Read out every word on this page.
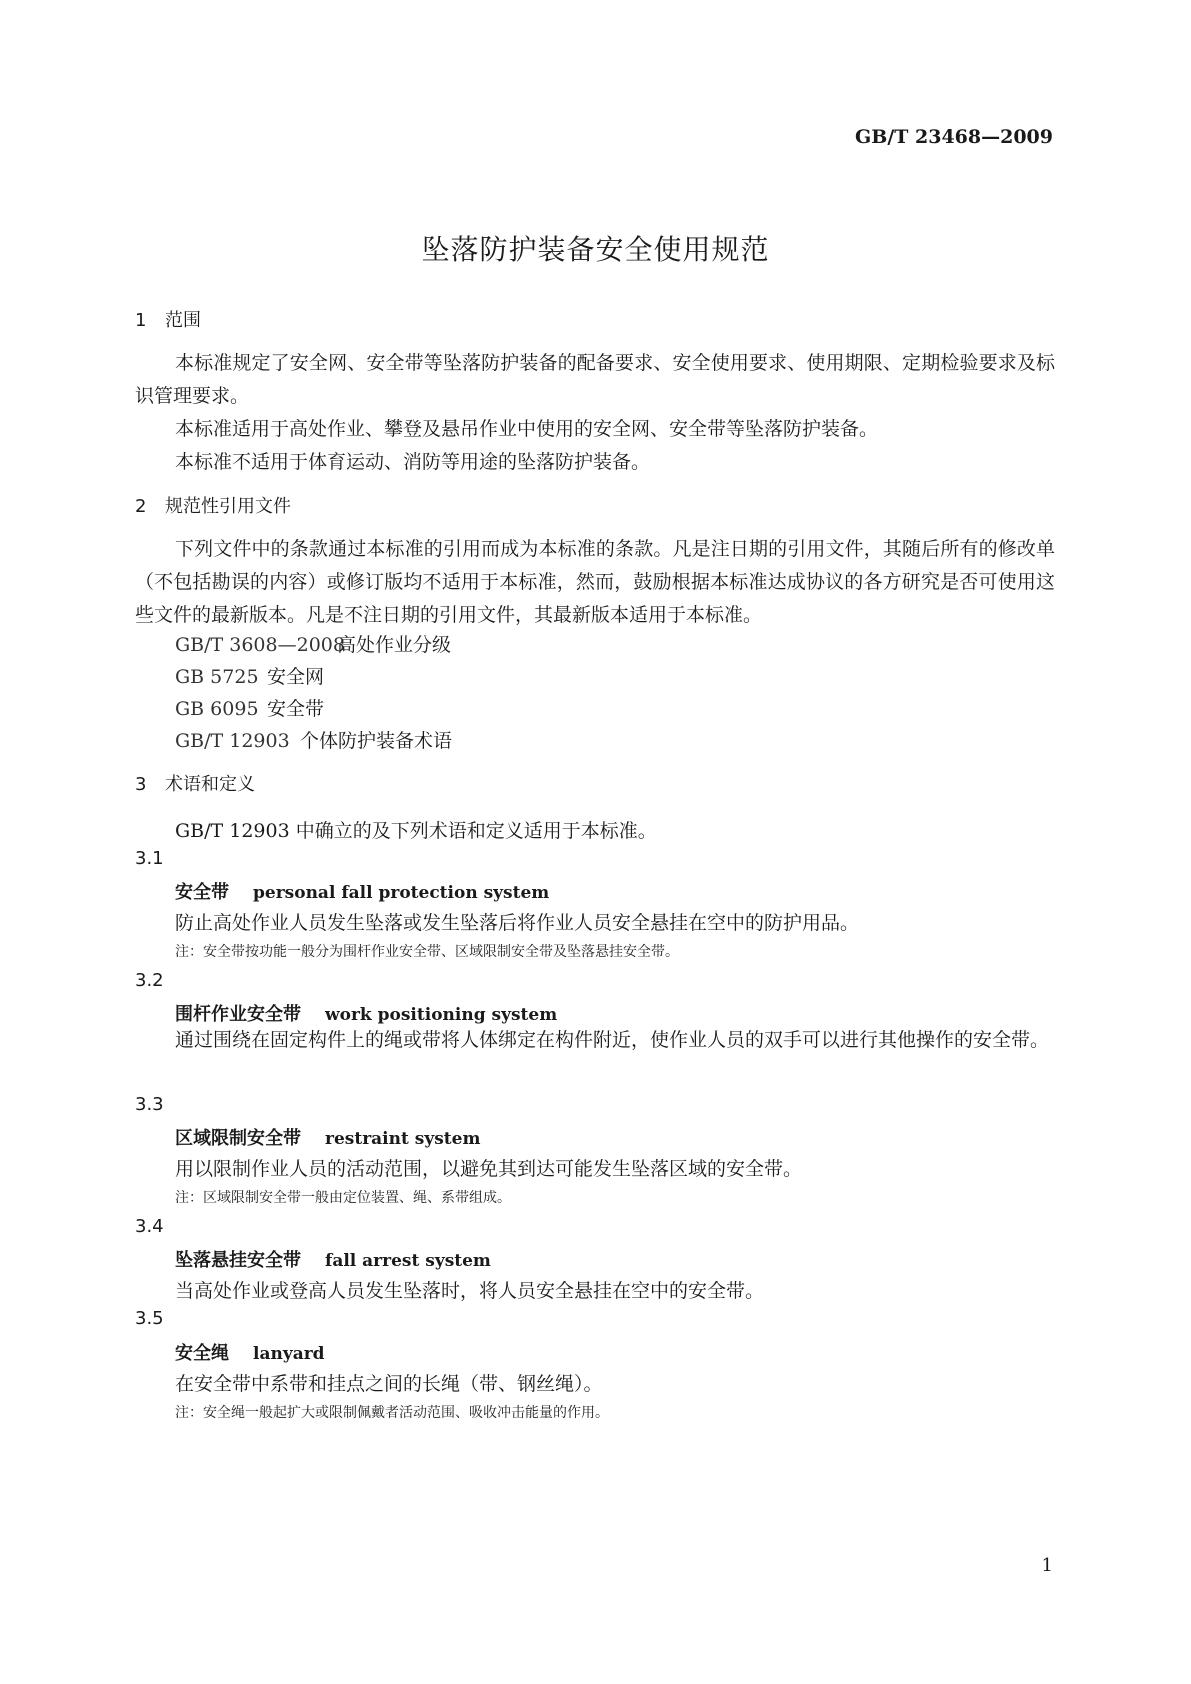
GB/T 23468—2009
坠落防护装备安全使用规范
1 范围
本标准规定了安全网、安全带等坠落防护装备的配备要求、安全使用要求、使用期限、定期检验要求及标识管理要求。
本标准适用于高处作业、攀登及悬吊作业中使用的安全网、安全带等坠落防护装备。
本标准不适用于体育运动、消防等用途的坠落防护装备。
2 规范性引用文件
下列文件中的条款通过本标准的引用而成为本标准的条款。凡是注日期的引用文件，其随后所有的修改单（不包括勘误的内容）或修订版均不适用于本标准，然而，鼓励根据本标准达成协议的各方研究是否可使用这些文件的最新版本。凡是不注日期的引用文件，其最新版本适用于本标准。
GB/T 3608—2008高处作业分级
GB 5725 安全网
GB 6095 安全带
GB/T 12903 个体防护装备术语
3 术语和定义
GB/T 12903 中确立的及下列术语和定义适用于本标准。
3.1
安全带 personal fall protection system
防止高处作业人员发生坠落或发生坠落后将作业人员安全悬挂在空中的防护用品。
注：安全带按功能一般分为围杆作业安全带、区域限制安全带及坠落悬挂安全带。
3.2
围杆作业安全带 work positioning system
通过围绕在固定构件上的绳或带将人体绑定在构件附近，使作业人员的双手可以进行其他操作的安全带。
3.3
区域限制安全带 restraint system
用以限制作业人员的活动范围，以避免其到达可能发生坠落区域的安全带。
注：区域限制安全带一般由定位装置、绳、系带组成。
3.4
坠落悬挂安全带 fall arrest system
当高处作业或登高人员发生坠落时，将人员安全悬挂在空中的安全带。
3.5
安全绳 lanyard
在安全带中系带和挂点之间的长绳（带、钢丝绳）。
注：安全绳一般起扩大或限制佩戴者活动范围、吸收冲击能量的作用。
1
